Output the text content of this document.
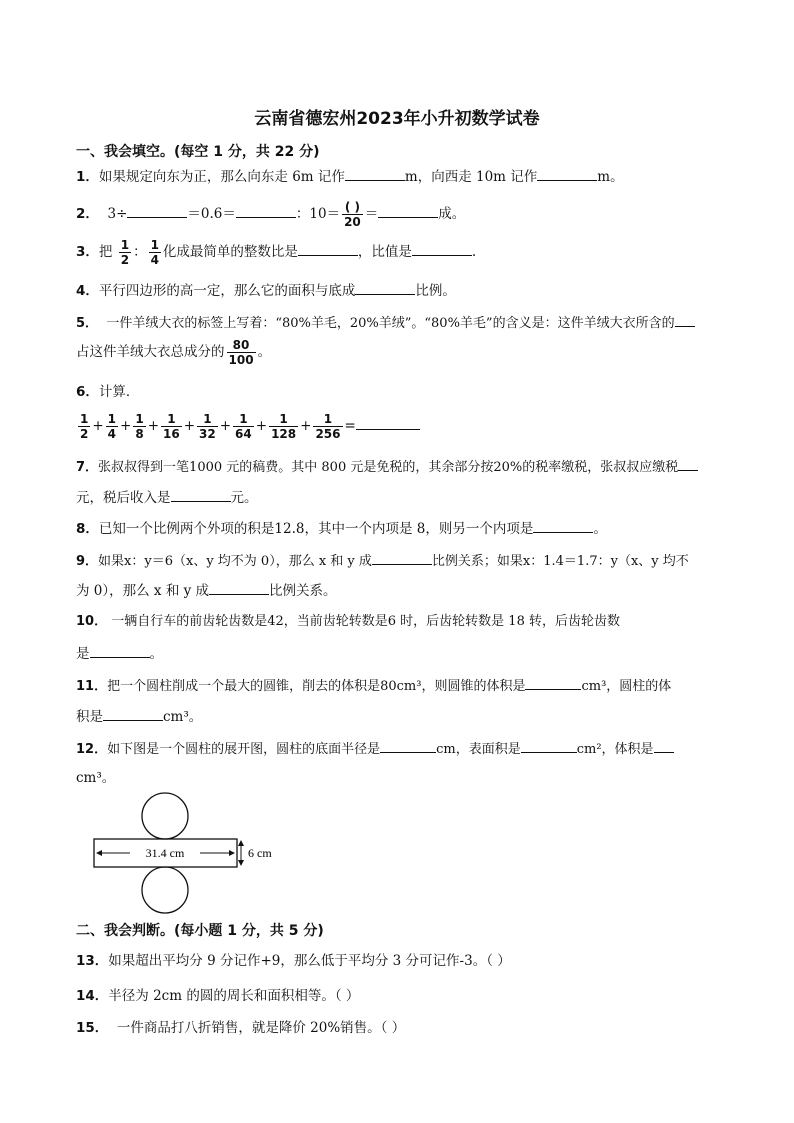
云南省德宏州2023年小升初数学试卷
一、我会填空。(每空 1 分，共 22 分)
1．如果规定向东为正，那么向东走 6m 记作	m，向西走 10m 记作	m。
2． 3÷	＝0.6＝	：$10= \frac{( )}{20}$ ＝	成。
3．把 $\frac{1}{2}$ ： $\frac{1}{4}$ 化成最简单的整数比是	，比值是	.
4．平行四边形的高一定，那么它的面积与底成	比例。
5． 一件羊绒大衣的标签上写着：“80%羊毛，20%羊绒”。“80%羊毛”的含义是：这件羊绒大衣所含的
占这件羊绒大衣总成分的 $\frac{80}{100}$ 。
6．计算．
$\frac{1}{2} + \frac{1}{4} + \frac{1}{8} + \frac{1}{16} + \frac{1}{32} + \frac{1}{64} + \frac{1}{128} + \frac{1}{256}$ =
7．张叔叔得到一笔1000 元的稿费。其中 800 元是免税的，其余部分按20%的税率缴税，张叔叔应缴税
元，税后收入是	元。
8．已知一个比例两个外项的积是12.8，其中一个内项是 8，则另一个内项是	。
9．如果x：y＝6（x、y 均不为 0），那么 x 和 y 成	比例关系；如果x：1.4＝1.7：y（x、y 均不
为 0），那么 x 和 y 成	比例关系。
10． 一辆自行车的前齿轮齿数是42，当前齿轮转数是6 时，后齿轮转数是 18 转，后齿轮齿数
是	。
11．把一个圆柱削成一个最大的圆锥，削去的体积是80cm³，则圆锥的体积是	cm³，圆柱的体
积是	cm³。
12．如下图是一个圆柱的展开图，圆柱的底面半径是	cm，表面积是	cm²，体积是
cm³。
31.4 cm	6 cm
二、我会判断。(每小题 1 分，共 5 分)
13．如果超出平均分 9 分记作+9，那么低于平均分 3 分可记作-3。（ ）
14．半径为 2cm 的圆的周长和面积相等。（ ）
15． 一件商品打八折销售，就是降价 20%销售。（ ）
